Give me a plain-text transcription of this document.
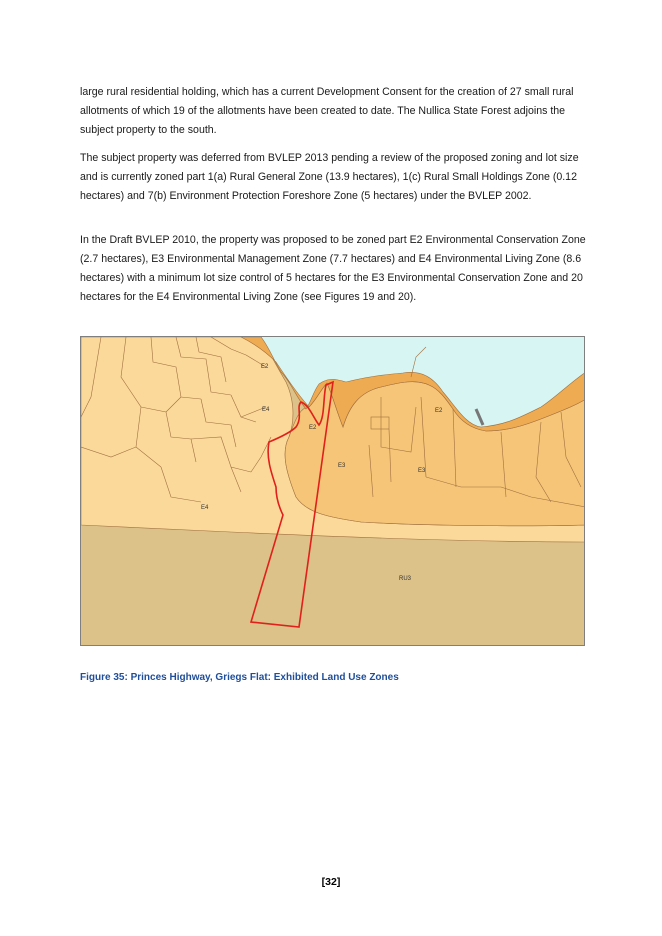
large rural residential holding, which has a current Development Consent for the creation of 27 small rural allotments of which 19 of the allotments have been created to date. The Nullica State Forest adjoins the subject property to the south.

The subject property was deferred from BVLEP 2013 pending a review of the proposed zoning and lot size and is currently zoned part 1(a) Rural General Zone (13.9 hectares), 1(c) Rural Small Holdings Zone (0.12 hectares) and 7(b) Environment Protection Foreshore Zone (5 hectares) under the BVLEP 2002.

In the Draft BVLEP 2010, the property was proposed to be zoned part E2 Environmental Conservation Zone (2.7 hectares), E3 Environmental Management Zone (7.7 hectares) and E4 Environmental Living Zone (8.6 hectares) with a minimum lot size control of 5 hectares for the E3 Environmental Conservation Zone and 20 hectares for the E4 Environmental Living Zone (see Figures 19 and 20).

E2
E2
E2
E4
E4
E3
E3
RU3

Figure 35: Princes Highway, Griegs Flat: Exhibited Land Use Zones

[32]
